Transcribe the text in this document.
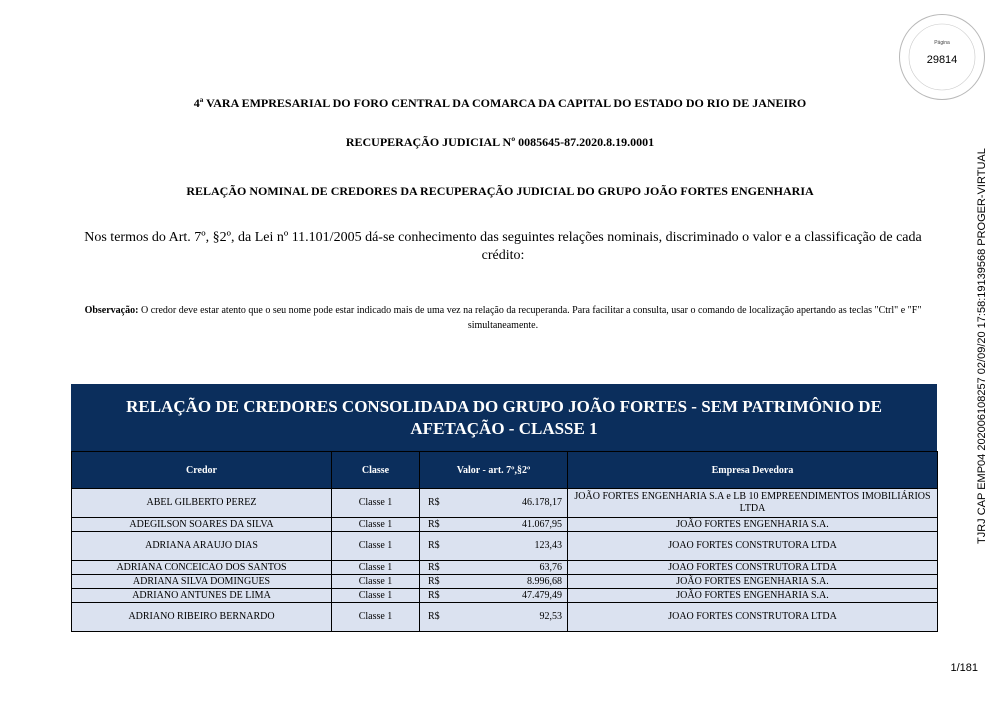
Página
29814
TJRJ CAP EMP04 202006108257 02/09/20 17:58:19139568 PROGER-VIRTUAL
4ª VARA EMPRESARIAL DO FORO CENTRAL DA COMARCA DA CAPITAL DO ESTADO DO RIO DE JANEIRO
RECUPERAÇÃO JUDICIAL Nº 0085645-87.2020.8.19.0001
RELAÇÃO NOMINAL DE CREDORES DA RECUPERAÇÃO JUDICIAL DO GRUPO JOÃO FORTES ENGENHARIA
Nos termos do Art. 7º, §2º, da Lei nº 11.101/2005 dá-se conhecimento das seguintes relações nominais, discriminado o valor e a classificação de cada crédito:
Observação: O credor deve estar atento que o seu nome pode estar indicado mais de uma vez na relação da recuperanda. Para facilitar a consulta, usar o comando de localização apertando as teclas "Ctrl" e "F" simultaneamente.
RELAÇÃO DE CREDORES CONSOLIDADA DO GRUPO JOÃO FORTES - SEM PATRIMÔNIO DE AFETAÇÃO - CLASSE 1
Credor	Classe	Valor - art. 7º,§2º	Empresa Devedora
ABEL GILBERTO PEREZ	Classe 1	R$ 46.178,17	JOÃO FORTES ENGENHARIA S.A e LB 10 EMPREENDIMENTOS IMOBILIÁRIOS LTDA
ADEGILSON SOARES DA SILVA	Classe 1	R$ 41.067,95	JOÃO FORTES ENGENHARIA S.A.
ADRIANA ARAUJO DIAS	Classe 1	R$ 123,43	JOAO FORTES CONSTRUTORA LTDA
ADRIANA CONCEICAO DOS SANTOS	Classe 1	R$ 63,76	JOAO FORTES CONSTRUTORA LTDA
ADRIANA SILVA DOMINGUES	Classe 1	R$ 8.996,68	JOÃO FORTES ENGENHARIA S.A.
ADRIANO ANTUNES DE LIMA	Classe 1	R$ 47.479,49	JOÃO FORTES ENGENHARIA S.A.
ADRIANO RIBEIRO BERNARDO	Classe 1	R$ 92,53	JOAO FORTES CONSTRUTORA LTDA
1/181
